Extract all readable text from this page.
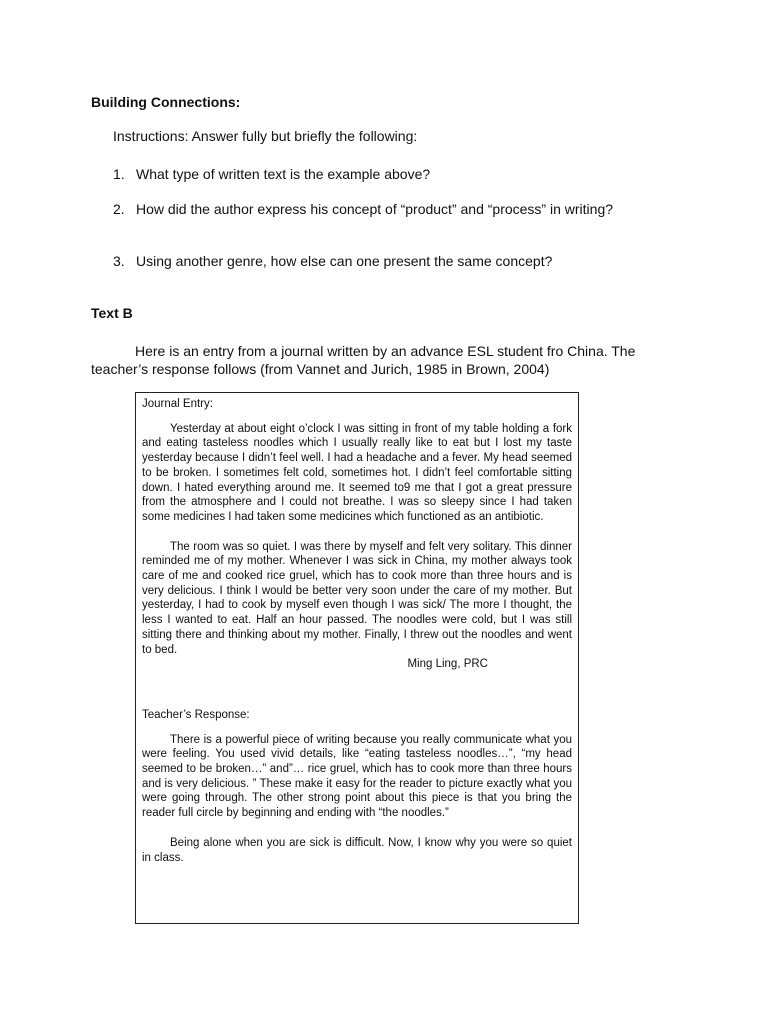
Building Connections:

Instructions: Answer fully but briefly the following:

1. What type of written text is the example above?

2. How did the author express his concept of “product” and “process” in writing?

3. Using another genre, how else can one present the same concept?

Text B

Here is an entry from a journal written by an advance ESL student fro China. The teacher’s response follows (from Vannet and Jurich, 1985 in Brown, 2004)

Journal Entry:

Yesterday at about eight o’clock I was sitting in front of my table holding a fork and eating tasteless noodles which I usually really like to eat but I lost my taste yesterday because I didn’t feel well. I had a headache and a fever. My head seemed to be broken. I sometimes felt cold, sometimes hot. I didn’t feel comfortable sitting down. I hated everything around me. It seemed to9 me that I got a great pressure from the atmosphere and I could not breathe. I was so sleepy since I had taken some medicines I had taken some medicines which functioned as an antibiotic.

The room was so quiet. I was there by myself and felt very solitary. This dinner reminded me of my mother. Whenever I was sick in China, my mother always took care of me and cooked rice gruel, which has to cook more than three hours and is very delicious. I think I would be better very soon under the care of my mother. But yesterday, I had to cook by myself even though I was sick/ The more I thought, the less I wanted to eat. Half an hour passed. The noodles were cold, but I was still sitting there and thinking about my mother. Finally, I threw out the noodles and went to bed.

Ming Ling, PRC

Teacher’s Response:

There is a powerful piece of writing because you really communicate what you were feeling. You used vivid details, like “eating tasteless noodles…”, “my head seemed to be broken…” and”… rice gruel, which has to cook more than three hours and is very delicious. ” These make it easy for the reader to picture exactly what you were going through. The other strong point about this piece is that you bring the reader full circle by beginning and ending with “the noodles.”

Being alone when you are sick is difficult. Now, I know why you were so quiet in class.
